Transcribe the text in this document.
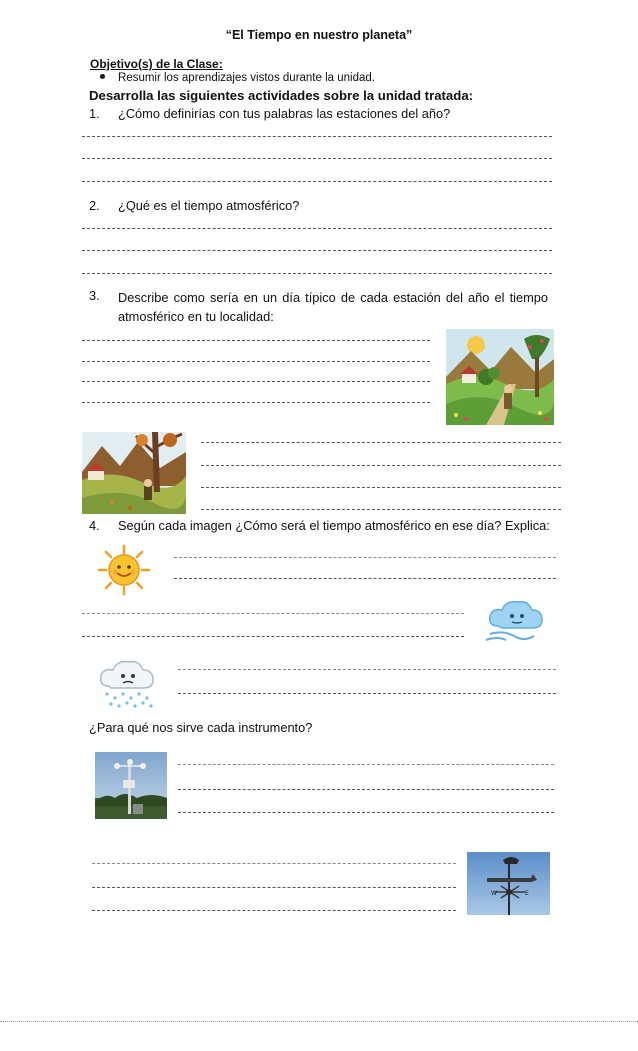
“El Tiempo en nuestro planeta”
Objetivo(s) de la Clase:
Resumir los aprendizajes vistos durante la unidad.
Desarrolla las siguientes actividades sobre la unidad tratada:
1. ¿Cómo definirías con tus palabras las estaciones del año?
2. ¿Qué es el tiempo atmosférico?
3. Describe como sería en un día típico de cada estación del año el tiempo atmosférico en tu localidad:
4. Según cada imagen ¿Cómo será el tiempo atmosférico en ese día? Explica:
¿Para qué nos sirve cada instrumento?
W	E
